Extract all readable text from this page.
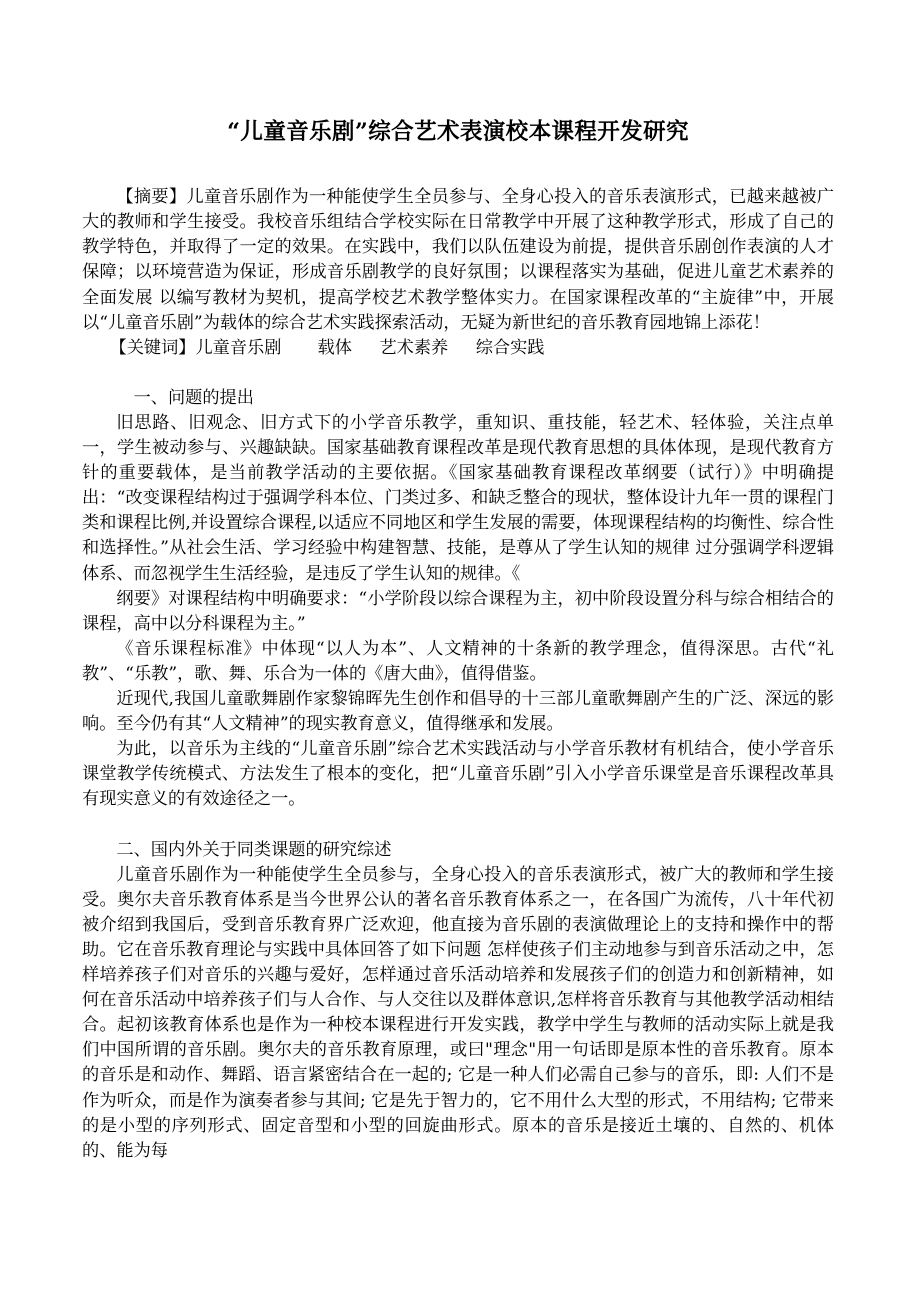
“儿童音乐剧”综合艺术表演校本课程开发研究

【摘要】儿童音乐剧作为一种能使学生全员参与、全身心投入的音乐表演形式，已越来越被广大的教师和学生接受。我校音乐组结合学校实际在日常教学中开展了这种教学形式，形成了自己的教学特色，并取得了一定的效果。在实践中，我们以队伍建设为前提，提供音乐剧创作表演的人才保障；以环境营造为保证，形成音乐剧教学的良好氛围；以课程落实为基础，促进儿童艺术素养的全面发展 以编写教材为契机，提高学校艺术教学整体实力。在国家课程改革的“主旋律”中，开展以“儿童音乐剧”为载体的综合艺术实践探索活动，无疑为新世纪的音乐教育园地锦上添花！

【关键词】儿童音乐剧 载体 艺术素养 综合实践

一、问题的提出

旧思路、旧观念、旧方式下的小学音乐教学，重知识、重技能，轻艺术、轻体验，关注点单一，学生被动参与、兴趣缺缺。国家基础教育课程改革是现代教育思想的具体体现，是现代教育方针的重要载体，是当前教学活动的主要依据。《国家基础教育课程改革纲要（试行）》中明确提出：“改变课程结构过于强调学科本位、门类过多、和缺乏整合的现状，整体设计九年一贯的课程门类和课程比例,并设置综合课程,以适应不同地区和学生发展的需要，体现课程结构的均衡性、综合性和选择性。”从社会生活、学习经验中构建智慧、技能，是尊从了学生认知的规律 过分强调学科逻辑体系、而忽视学生生活经验，是违反了学生认知的规律。《

纲要》对课程结构中明确要求：“小学阶段以综合课程为主，初中阶段设置分科与综合相结合的课程，高中以分科课程为主。”

《音乐课程标准》中体现“以人为本”、人文精神的十条新的教学理念，值得深思。古代“礼教”、“乐教”，歌、舞、乐合为一体的《唐大曲》，值得借鉴。

近现代,我国儿童歌舞剧作家黎锦晖先生创作和倡导的十三部儿童歌舞剧产生的广泛、深远的影响。至今仍有其“人文精神”的现实教育意义，值得继承和发展。

为此，以音乐为主线的“儿童音乐剧”综合艺术实践活动与小学音乐教材有机结合，使小学音乐课堂教学传统模式、方法发生了根本的变化，把“儿童音乐剧”引入小学音乐课堂是音乐课程改革具有现实意义的有效途径之一。

二、国内外关于同类课题的研究综述

儿童音乐剧作为一种能使学生全员参与，全身心投入的音乐表演形式，被广大的教师和学生接受。奥尔夫音乐教育体系是当今世界公认的著名音乐教育体系之一，在各国广为流传，八十年代初被介绍到我国后，受到音乐教育界广泛欢迎，他直接为音乐剧的表演做理论上的支持和操作中的帮助。它在音乐教育理论与实践中具体回答了如下问题 怎样使孩子们主动地参与到音乐活动之中，怎样培养孩子们对音乐的兴趣与爱好，怎样通过音乐活动培养和发展孩子们的创造力和创新精神，如何在音乐活动中培养孩子们与人合作、与人交往以及群体意识,怎样将音乐教育与其他教学活动相结合。起初该教育体系也是作为一种校本课程进行开发实践，教学中学生与教师的活动实际上就是我们中国所谓的音乐剧。奥尔夫的音乐教育原理，或曰"理念"用一句话即是原本性的音乐教育。原本的音乐是和动作、舞蹈、语言紧密结合在一起的; 它是一种人们必需自己参与的音乐，即: 人们不是作为听众，而是作为演奏者参与其间; 它是先于智力的，它不用什么大型的形式，不用结构; 它带来的是小型的序列形式、固定音型和小型的回旋曲形式。原本的音乐是接近土壤的、自然的、机体的、能为每
